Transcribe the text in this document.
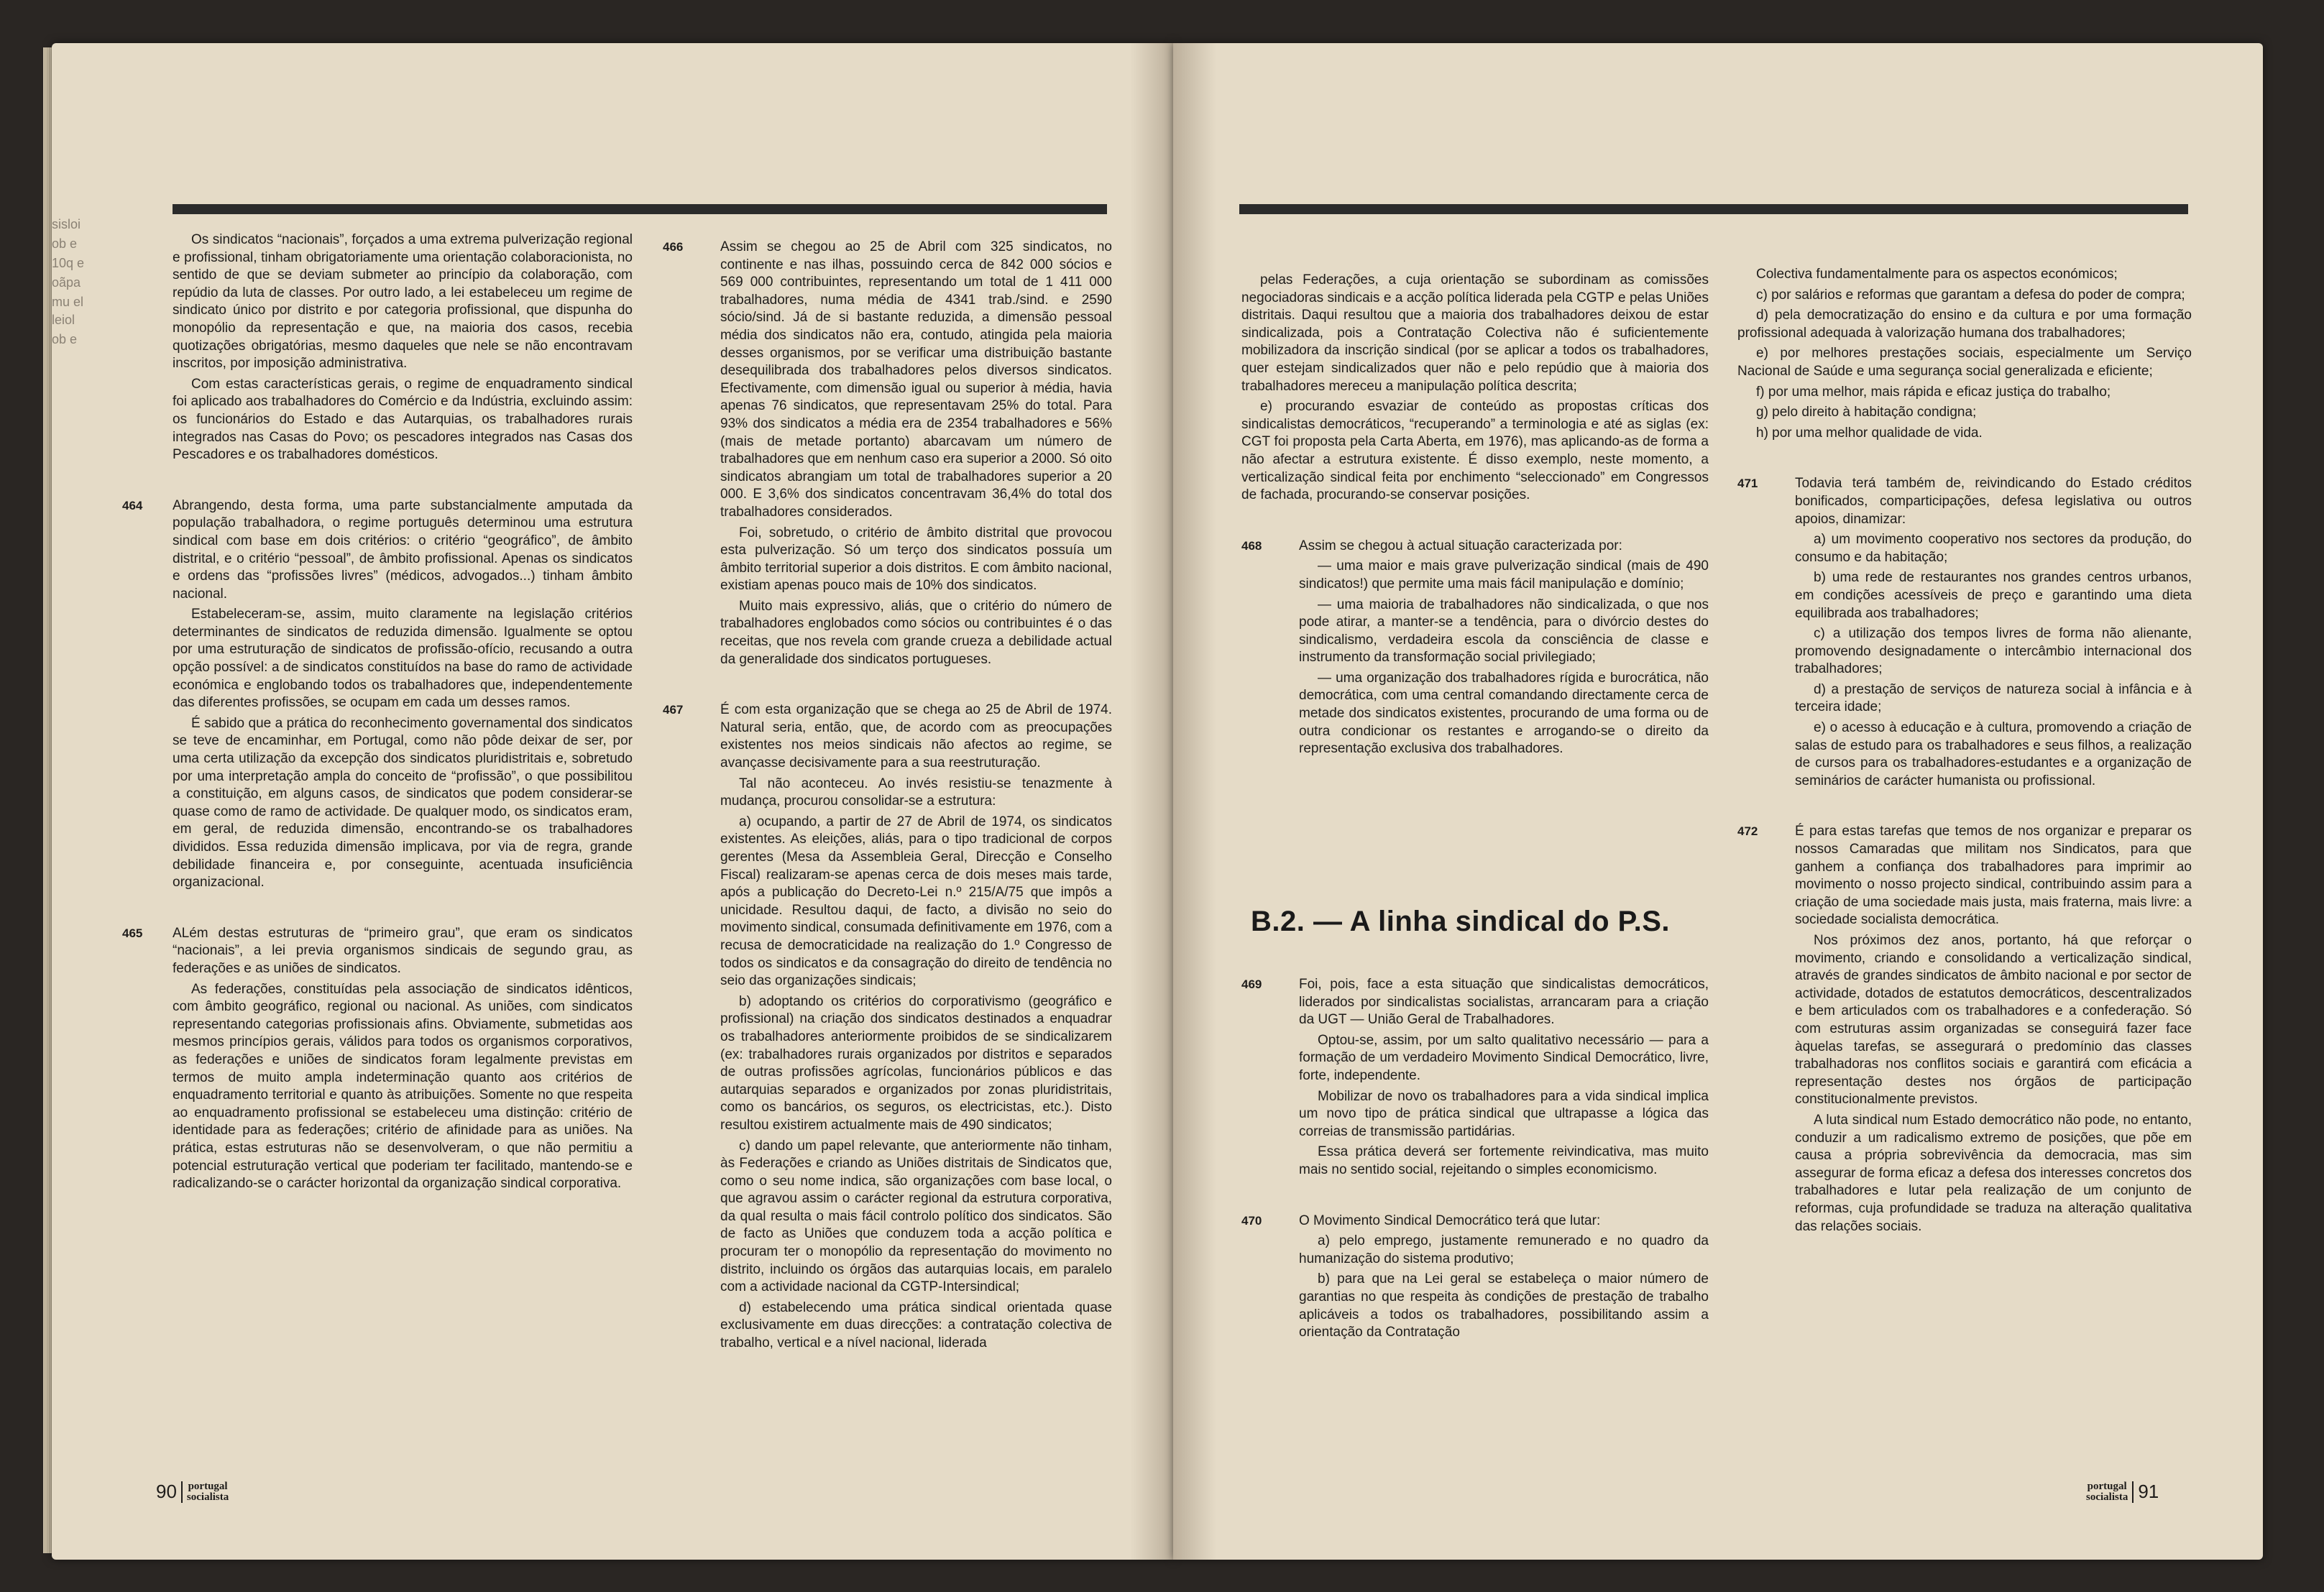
sisloi
ob e
10q e
oãpa
mu el
leiol
ob e

Os sindicatos “nacionais”, forçados a uma extrema pulverização regional e profissional, tinham obrigatoriamente uma orientação colaboracionista, no sentido de que se deviam submeter ao princípio da colaboração, com repúdio da luta de classes. Por outro lado, a lei estabeleceu um regime de sindicato único por distrito e por categoria profissional, que dispunha do monopólio da representação e que, na maioria dos casos, recebia quotizações obrigatórias, mesmo daqueles que nele se não encontravam inscritos, por imposição administrativa.

Com estas características gerais, o regime de enquadramento sindical foi aplicado aos trabalhadores do Comércio e da Indústria, excluindo assim: os funcionários do Estado e das Autarquias, os trabalhadores rurais integrados nas Casas do Povo; os pescadores integrados nas Casas dos Pescadores e os trabalhadores domésticos.

464	Abrangendo, desta forma, uma parte substancialmente amputada da população trabalhadora, o regime português determinou uma estrutura sindical com base em dois critérios: o critério “geográfico”, de âmbito distrital, e o critério “pessoal”, de âmbito profissional. Apenas os sindicatos e ordens das “profissões livres” (médicos, advogados...) tinham âmbito nacional.

Estabeleceram-se, assim, muito claramente na legislação critérios determinantes de sindicatos de reduzida dimensão. Igualmente se optou por uma estruturação de sindicatos de profissão-ofício, recusando a outra opção possível: a de sindicatos constituídos na base do ramo de actividade económica e englobando todos os trabalhadores que, independentemente das diferentes profissões, se ocupam em cada um desses ramos.

É sabido que a prática do reconhecimento governamental dos sindicatos se teve de encaminhar, em Portugal, como não pôde deixar de ser, por uma certa utilização da excepção dos sindicatos pluridistritais e, sobretudo por uma interpretação ampla do conceito de “profissão”, o que possibilitou a constituição, em alguns casos, de sindicatos que podem considerar-se quase como de ramo de actividade. De qualquer modo, os sindicatos eram, em geral, de reduzida dimensão, encontrando-se os trabalhadores divididos. Essa reduzida dimensão implicava, por via de regra, grande debilidade financeira e, por conseguinte, acentuada insuficiência organizacional.

465	ALém destas estruturas de “primeiro grau”, que eram os sindicatos “nacionais”, a lei previa organismos sindicais de segundo grau, as federações e as uniões de sindicatos.

As federações, constituídas pela associação de sindicatos idênticos, com âmbito geográfico, regional ou nacional. As uniões, com sindicatos representando categorias profissionais afins. Obviamente, submetidas aos mesmos princípios gerais, válidos para todos os organismos corporativos, as federações e uniões de sindicatos foram legalmente previstas em termos de muito ampla indeterminação quanto aos critérios de enquadramento territorial e quanto às atribuições. Somente no que respeita ao enquadramento profissional se estabeleceu uma distinção: critério de identidade para as federações; critério de afinidade para as uniões. Na prática, estas estruturas não se desenvolveram, o que não permitiu a potencial estruturação vertical que poderiam ter facilitado, mantendo-se e radicalizando-se o carácter horizontal da organização sindical corporativa.

466	Assim se chegou ao 25 de Abril com 325 sindicatos, no continente e nas ilhas, possuindo cerca de 842 000 sócios e 569 000 contribuintes, representando um total de 1 411 000 trabalhadores, numa média de 4341 trab./sind. e 2590 sócio/sind. Já de si bastante reduzida, a dimensão pessoal média dos sindicatos não era, contudo, atingida pela maioria desses organismos, por se verificar uma distribuição bastante desequilibrada dos trabalhadores pelos diversos sindicatos. Efectivamente, com dimensão igual ou superior à média, havia apenas 76 sindicatos, que representavam 25% do total. Para 93% dos sindicatos a média era de 2354 trabalhadores e 56% (mais de metade portanto) abarcavam um número de trabalhadores que em nenhum caso era superior a 2000. Só oito sindicatos abrangiam um total de trabalhadores superior a 20 000. E 3,6% dos sindicatos concentravam 36,4% do total dos trabalhadores considerados.

Foi, sobretudo, o critério de âmbito distrital que provocou esta pulverização. Só um terço dos sindicatos possuía um âmbito territorial superior a dois distritos. E com âmbito nacional, existiam apenas pouco mais de 10% dos sindicatos.

Muito mais expressivo, aliás, que o critério do número de trabalhadores englobados como sócios ou contribuintes é o das receitas, que nos revela com grande crueza a debilidade actual da generalidade dos sindicatos portugueses.

467	É com esta organização que se chega ao 25 de Abril de 1974. Natural seria, então, que, de acordo com as preocupações existentes nos meios sindicais não afectos ao regime, se avançasse decisivamente para a sua reestruturação.

Tal não aconteceu. Ao invés resistiu-se tenazmente à mudança, procurou consolidar-se a estrutura:

a) ocupando, a partir de 27 de Abril de 1974, os sindicatos existentes. As eleições, aliás, para o tipo tradicional de corpos gerentes (Mesa da Assembleia Geral, Direcção e Conselho Fiscal) realizaram-se apenas cerca de dois meses mais tarde, após a publicação do Decreto-Lei n.º 215/A/75 que impôs a unicidade. Resultou daqui, de facto, a divisão no seio do movimento sindical, consumada definitivamente em 1976, com a recusa de democraticidade na realização do 1.º Congresso de todos os sindicatos e da consagração do direito de tendência no seio das organizações sindicais;

b) adoptando os critérios do corporativismo (geográfico e profissional) na criação dos sindicatos destinados a enquadrar os trabalhadores anteriormente proibidos de se sindicalizarem (ex: trabalhadores rurais organizados por distritos e separados de outras profissões agrícolas, funcionários públicos e das autarquias separados e organizados por zonas pluridistritais, como os bancários, os seguros, os electricistas, etc.). Disto resultou existirem actualmente mais de 490 sindicatos;

c) dando um papel relevante, que anteriormente não tinham, às Federações e criando as Uniões distritais de Sindicatos que, como o seu nome indica, são organizações com base local, o que agravou assim o carácter regional da estrutura corporativa, da qual resulta o mais fácil controlo político dos sindicatos. São de facto as Uniões que conduzem toda a acção política e procuram ter o monopólio da representação do movimento no distrito, incluindo os órgãos das autarquias locais, em paralelo com a actividade nacional da CGTP-Intersindical;

d) estabelecendo uma prática sindical orientada quase exclusivamente em duas direcções: a contratação colectiva de trabalho, vertical e a nível nacional, liderada

90	portugal
socialista

pelas Federações, a cuja orientação se subordinam as comissões negociadoras sindicais e a acção política liderada pela CGTP e pelas Uniões distritais. Daqui resultou que a maioria dos trabalhadores deixou de estar sindicalizada, pois a Contratação Colectiva não é suficientemente mobilizadora da inscrição sindical (por se aplicar a todos os trabalhadores, quer estejam sindicalizados quer não e pelo repúdio que à maioria dos trabalhadores mereceu a manipulação política descrita;

e) procurando esvaziar de conteúdo as propostas críticas dos sindicalistas democráticos, “recuperando” a terminologia e até as siglas (ex: CGT foi proposta pela Carta Aberta, em 1976), mas aplicando-as de forma a não afectar a estrutura existente. É disso exemplo, neste momento, a verticalização sindical feita por enchimento “seleccionado” em Congressos de fachada, procurando-se conservar posições.

468	Assim se chegou à actual situação caracterizada por:

— uma maior e mais grave pulverização sindical (mais de 490 sindicatos!) que permite uma mais fácil manipulação e domínio;

— uma maioria de trabalhadores não sindicalizada, o que nos pode atirar, a manter-se a tendência, para o divórcio destes do sindicalismo, verdadeira escola da consciência de classe e instrumento da transformação social privilegiado;

— uma organização dos trabalhadores rígida e burocrática, não democrática, com uma central comandando directamente cerca de metade dos sindicatos existentes, procurando de uma forma ou de outra condicionar os restantes e arrogando-se o direito da representação exclusiva dos trabalhadores.

B.2. — A linha sindical do P.S.
469	Foi, pois, face a esta situação que sindicalistas democráticos, liderados por sindicalistas socialistas, arrancaram para a criação da UGT — União Geral de Trabalhadores.

Optou-se, assim, por um salto qualitativo necessário — para a formação de um verdadeiro Movimento Sindical Democrático, livre, forte, independente.

Mobilizar de novo os trabalhadores para a vida sindical implica um novo tipo de prática sindical que ultrapasse a lógica das correias de transmissão partidárias.

Essa prática deverá ser fortemente reivindicativa, mas muito mais no sentido social, rejeitando o simples economicismo.

470	O Movimento Sindical Democrático terá que lutar:

a) pelo emprego, justamente remunerado e no quadro da humanização do sistema produtivo;

b) para que na Lei geral se estabeleça o maior número de garantias no que respeita às condições de prestação de trabalho aplicáveis a todos os trabalhadores, possibilitando assim a orientação da Contratação

Colectiva fundamentalmente para os aspectos económicos;

c) por salários e reformas que garantam a defesa do poder de compra;

d) pela democratização do ensino e da cultura e por uma formação profissional adequada à valorização humana dos trabalhadores;

e) por melhores prestações sociais, especialmente um Serviço Nacional de Saúde e uma segurança social generalizada e eficiente;

f) por uma melhor, mais rápida e eficaz justiça do trabalho;

g) pelo direito à habitação condigna;

h) por uma melhor qualidade de vida.

471	Todavia terá também de, reivindicando do Estado créditos bonificados, comparticipações, defesa legislativa ou outros apoios, dinamizar:

a) um movimento cooperativo nos sectores da produção, do consumo e da habitação;

b) uma rede de restaurantes nos grandes centros urbanos, em condições acessíveis de preço e garantindo uma dieta equilibrada aos trabalhadores;

c) a utilização dos tempos livres de forma não alienante, promovendo designadamente o intercâmbio internacional dos trabalhadores;

d) a prestação de serviços de natureza social à infância e à terceira idade;

e) o acesso à educação e à cultura, promovendo a criação de salas de estudo para os trabalhadores e seus filhos, a realização de cursos para os trabalhadores-estudantes e a organização de seminários de carácter humanista ou profissional.

472	É para estas tarefas que temos de nos organizar e preparar os nossos Camaradas que militam nos Sindicatos, para que ganhem a confiança dos trabalhadores para imprimir ao movimento o nosso projecto sindical, contribuindo assim para a criação de uma sociedade mais justa, mais fraterna, mais livre: a sociedade socialista democrática.

Nos próximos dez anos, portanto, há que reforçar o movimento, criando e consolidando a verticalização sindical, através de grandes sindicatos de âmbito nacional e por sector de actividade, dotados de estatutos democráticos, descentralizados e bem articulados com os trabalhadores e a confederação. Só com estruturas assim organizadas se conseguirá fazer face àquelas tarefas, se assegurará o predomínio das classes trabalhadoras nos conflitos sociais e garantirá com eficácia a representação destes nos órgãos de participação constitucionalmente previstos.

A luta sindical num Estado democrático não pode, no entanto, conduzir a um radicalismo extremo de posições, que põe em causa a própria sobrevivência da democracia, mas sim assegurar de forma eficaz a defesa dos interesses concretos dos trabalhadores e lutar pela realização de um conjunto de reformas, cuja profundidade se traduza na alteração qualitativa das relações sociais.

portugal
socialista 91
